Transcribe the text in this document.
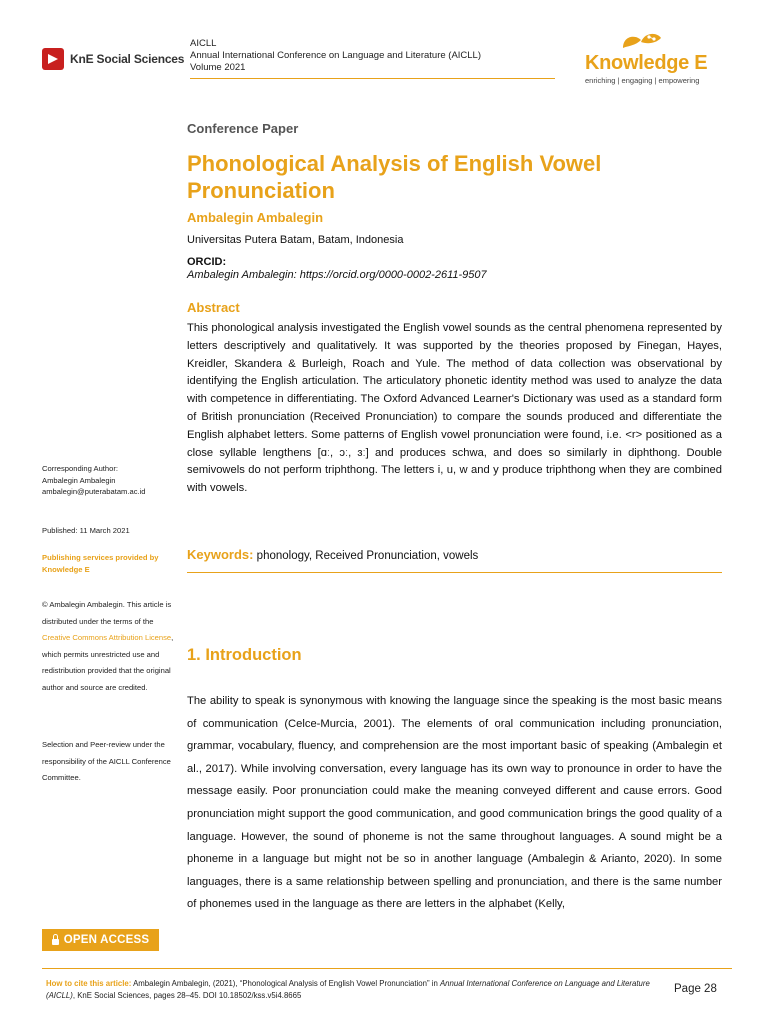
KnE Social Sciences
AICLL
Annual International Conference on Language and Literature (AICLL)
Volume 2021	Knowledge E
enriching | engaging | empowering
Conference Paper
Phonological Analysis of English Vowel Pronunciation
Ambalegin Ambalegin
Universitas Putera Batam, Batam, Indonesia
ORCID:
Ambalegin Ambalegin: https://orcid.org/0000-0002-2611-9507
Abstract
This phonological analysis investigated the English vowel sounds as the central phenomena represented by letters descriptively and qualitatively. It was supported by the theories proposed by Finegan, Hayes, Kreidler, Skandera & Burleigh, Roach and Yule. The method of data collection was observational by identifying the English articulation. The articulatory phonetic identity method was used to analyze the data with competence in differentiating. The Oxford Advanced Learner's Dictionary was used as a standard form of British pronunciation (Received Pronunciation) to compare the sounds produced and differentiate the English alphabet letters. Some patterns of English vowel pronunciation were found, i.e. <r> positioned as a close syllable lengthens [ɑː, ɔː, ɜː] and produces schwa, and does so similarly in diphthong. Double semivowels do not perform triphthong. The letters i, u, w and y produce triphthong when they are combined with vowels.
Keywords: phonology, Received Pronunciation, vowels
1. Introduction
The ability to speak is synonymous with knowing the language since the speaking is the most basic means of communication (Celce-Murcia, 2001). The elements of oral communication including pronunciation, grammar, vocabulary, fluency, and comprehension are the most important basic of speaking (Ambalegin et al., 2017). While involving conversation, every language has its own way to pronounce in order to have the message easily. Poor pronunciation could make the meaning conveyed different and cause errors. Good pronunciation might support the good communication, and good communication brings the good quality of a language. However, the sound of phoneme is not the same throughout languages. A sound might be a phoneme in a language but might not be so in another language (Ambalegin & Arianto, 2020). In some languages, there is a same relationship between spelling and pronunciation, and there is the same number of phonemes used in the language as there are letters in the alphabet (Kelly,
Corresponding Author:
Ambalegin Ambalegin
ambalegin@puterabatam.ac.id
Published: 11 March 2021
Publishing services provided by
Knowledge E
© Ambalegin Ambalegin. This article is distributed under the terms of the Creative Commons Attribution License, which permits unrestricted use and redistribution provided that the original author and source are credited.
Selection and Peer-review under the responsibility of the AICLL Conference Committee.
OPEN ACCESS
How to cite this article: Ambalegin Ambalegin, (2021), “Phonological Analysis of English Vowel Pronunciation” in Annual International Conference on Language and Literature (AICLL), KnE Social Sciences, pages 28–45. DOI 10.18502/kss.v5i4.8665	Page 28
